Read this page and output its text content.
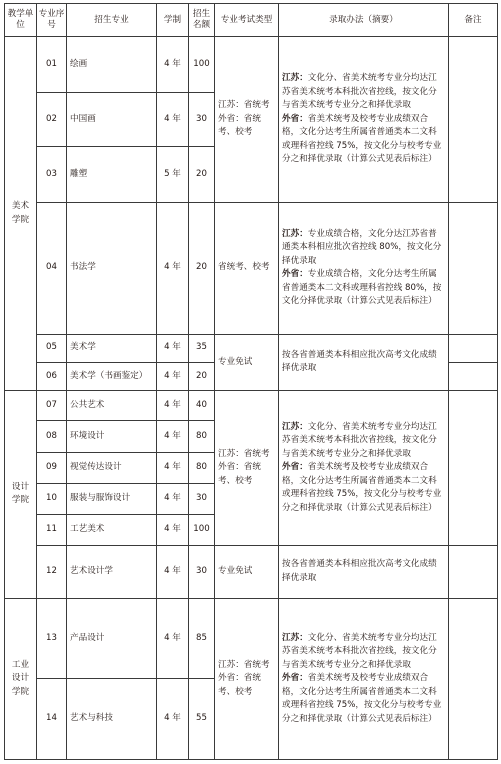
教学单位	专业序号	招生专业	学制	招生名额	专业考试类型	录取办法（摘要）	备注
美术学院	01	绘画	4 年	100	江苏：省统考外省：省统考、校考	江苏：文化分、省美术统考专业分均达江苏省美术统考本科批次省控线，按文化分与省美术统考专业分之和择优录取
外省：省美术统考及校考专业成绩双合格，文化分达考生所属省普通类本二文科或理科省控线 75%，按文化分与校考专业分之和择优录取（计算公式见表后标注）	
	02	中国画	4 年	30			
	03	雕塑	5 年	20			
	04	书法学	4 年	20	省统考、校考	江苏：专业成绩合格，文化分达江苏省普通类本科相应批次省控线 80%，按文化分择优录取
外省：专业成绩合格，文化分达考生所属省普通类本二文科或理科省控线 80%，按文化分择优录取（计算公式见表后标注）	
	05	美术学	4 年	35	专业免试	按各省普通类本科相应批次高考文化成绩择优录取	
	06	美术学（书画鉴定）	4 年	20			
设计学院	07	公共艺术	4 年	40	江苏：省统考外省：省统考、校考	江苏：文化分、省美术统考专业分均达江苏省美术统考本科批次省控线，按文化分与省美术统考专业分之和择优录取
外省：省美术统考及校考专业成绩双合格，文化分达考生所属省普通类本二文科或理科省控线 75%，按文化分与校考专业分之和择优录取（计算公式见表后标注）	
	08	环境设计	4 年	80			
	09	视觉传达设计	4 年	80			
	10	服装与服饰设计	4 年	30			
	11	工艺美术	4 年	100			
	12	艺术设计学	4 年	30	专业免试	按各省普通类本科相应批次高考文化成绩择优录取	
工业设计学院	13	产品设计	4 年	85	江苏：省统考外省：省统考、校考	江苏：文化分、省美术统考专业分均达江苏省美术统考本科批次省控线，按文化分与省美术统考专业分之和择优录取
外省：省美术统考及校考专业成绩双合格，文化分达考生所属省普通类本二文科或理科省控线 75%，按文化分与校考专业分之和择优录取（计算公式见表后标注）	
	14	艺术与科技	4 年	55			
